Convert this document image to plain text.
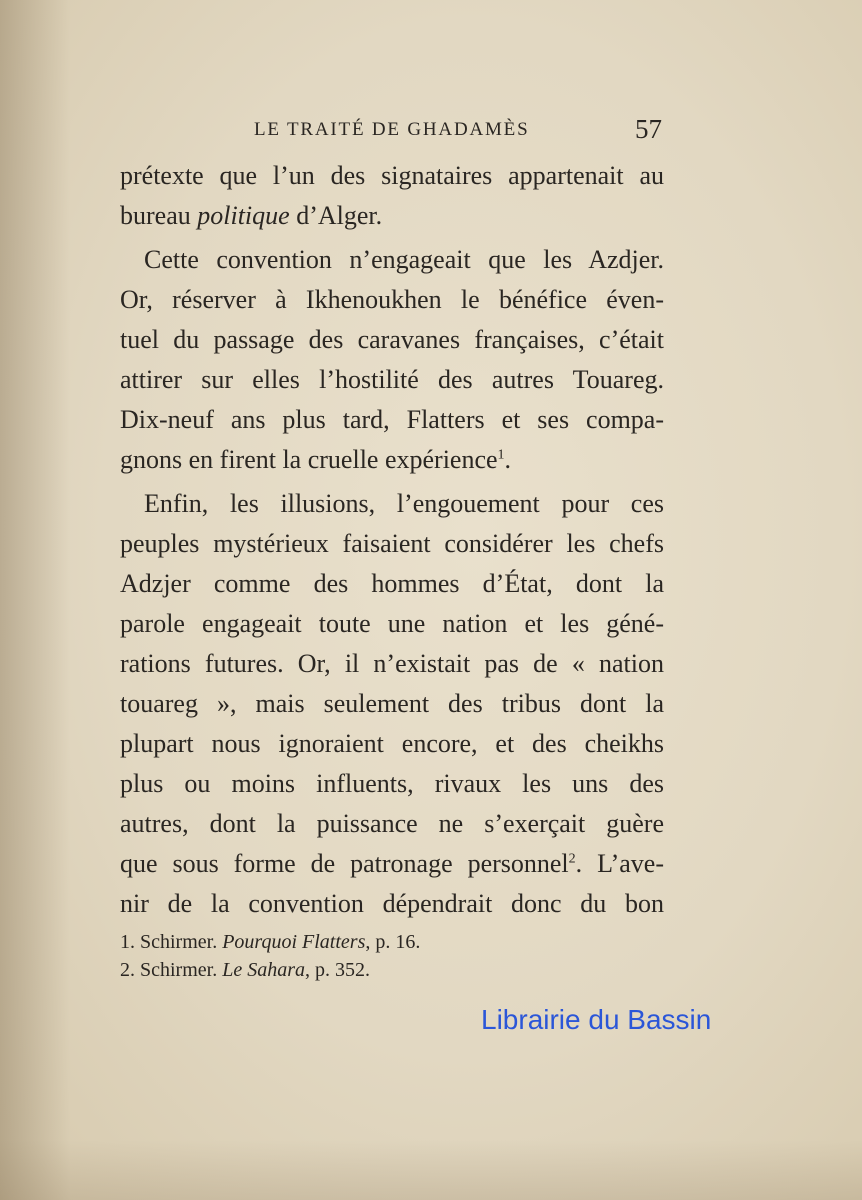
LE TRAITÉ DE GHADAMÈS	57
prétexte que l’un des signataires appartenait au
bureau politique d’Alger.
Cette convention n’engageait que les Azdjer.
Or, réserver à Ikhenoukhen le bénéfice éven-
tuel du passage des caravanes françaises, c’était
attirer sur elles l’hostilité des autres Touareg.
Dix-neuf ans plus tard, Flatters et ses compa-
gnons en firent la cruelle expérience$^1$.
Enfin, les illusions, l’engouement pour ces
peuples mystérieux faisaient considérer les chefs
Adzjer comme des hommes d’État, dont la
parole engageait toute une nation et les géné-
rations futures. Or, il n’existait pas de « nation
touareg », mais seulement des tribus dont la
plupart nous ignoraient encore, et des cheikhs
plus ou moins influents, rivaux les uns des
autres, dont la puissance ne s’exerçait guère
que sous forme de patronage personnel$^2$. L’ave-
nir de la convention dépendrait donc du bon
1. Schirmer. Pourquoi Flatters, p. 16.
2. Schirmer. Le Sahara, p. 352.
Librairie du Bassin
